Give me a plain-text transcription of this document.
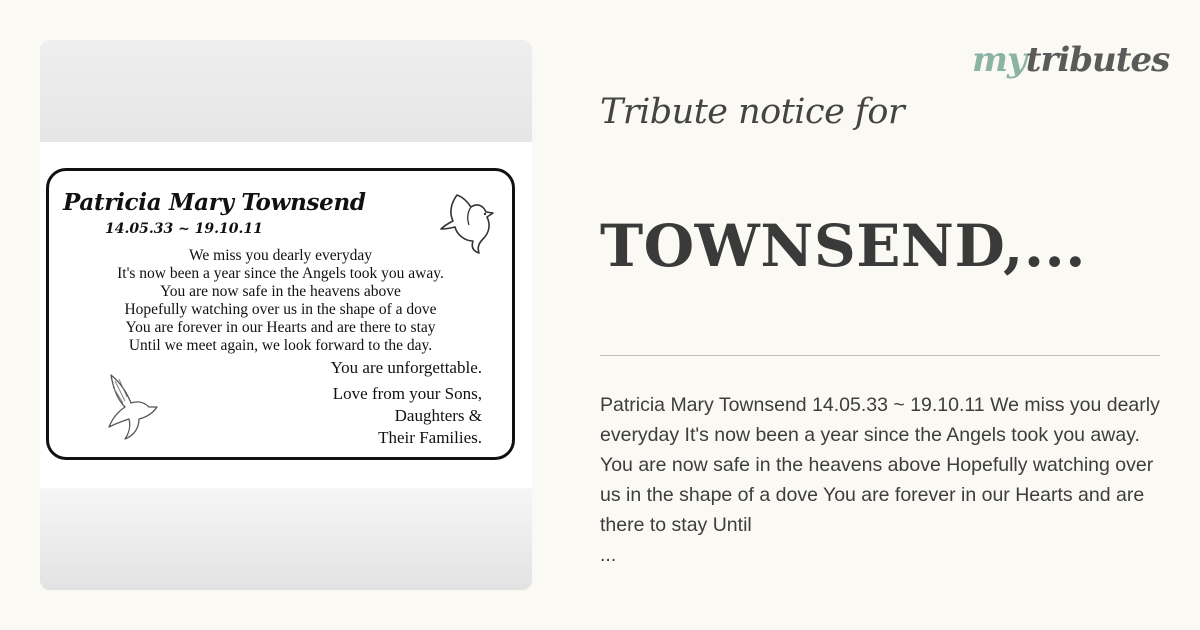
Patricia Mary Townsend
14.05.33 ~ 19.10.11
We miss you dearly everyday
It's now been a year since the Angels took you away.
You are now safe in the heavens above
Hopefully watching over us in the shape of a dove
You are forever in our Hearts and are there to stay
Until we meet again, we look forward to the day.
You are unforgettable.
Love from your Sons,
Daughters &
Their Families.
mytributes
Tribute notice for
TOWNSEND,...
Patricia Mary Townsend 14.05.33 ~ 19.10.11 We miss you dearly everyday It's now been a year since the Angels took you away. You are now safe in the heavens above Hopefully watching over us in the shape of a dove You are forever in our Hearts and are there to stay Until
...
